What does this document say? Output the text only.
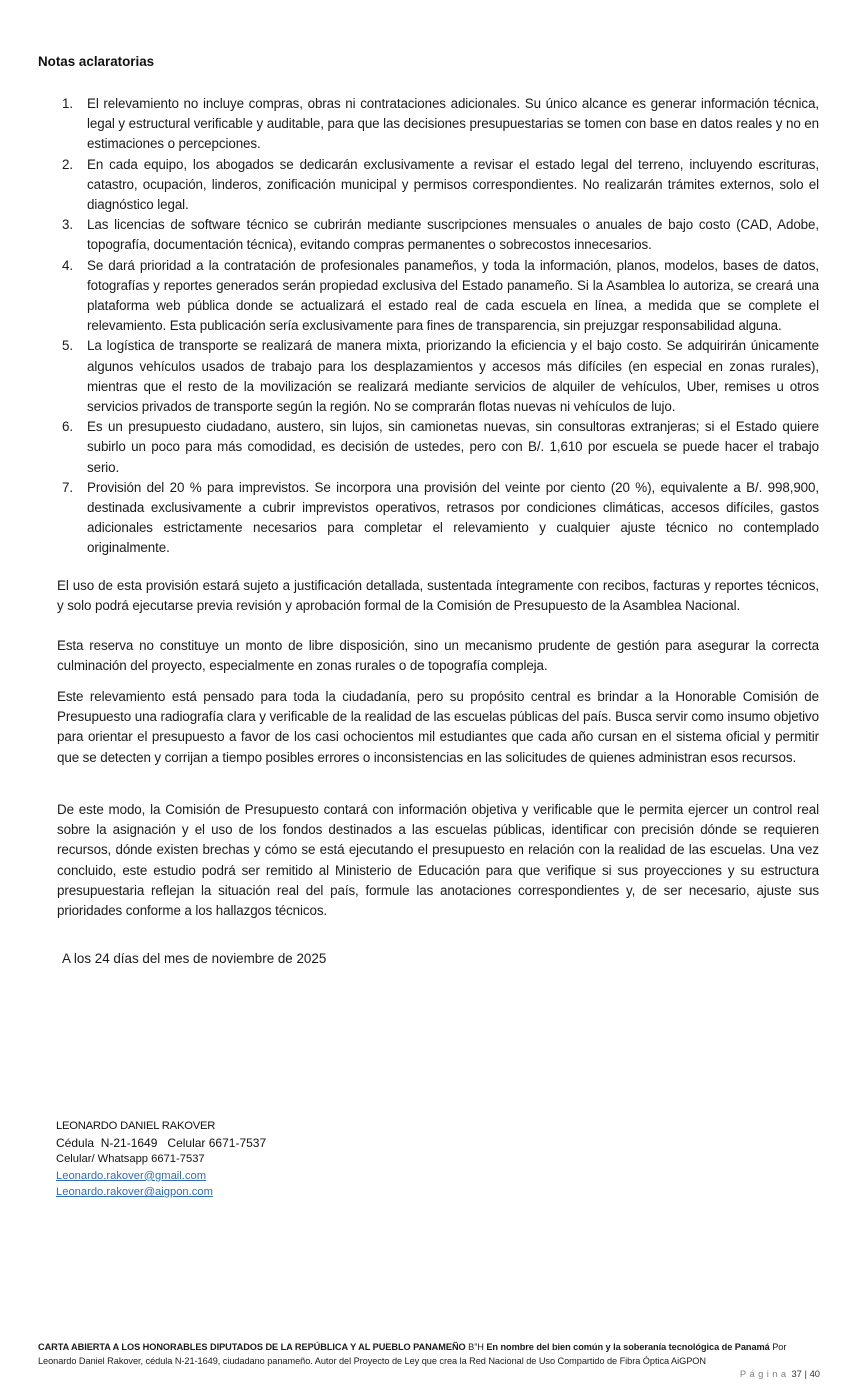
Notas aclaratorias
1. El relevamiento no incluye compras, obras ni contrataciones adicionales. Su único alcance es generar información técnica, legal y estructural verificable y auditable, para que las decisiones presupuestarias se tomen con base en datos reales y no en estimaciones o percepciones.
2. En cada equipo, los abogados se dedicarán exclusivamente a revisar el estado legal del terreno, incluyendo escrituras, catastro, ocupación, linderos, zonificación municipal y permisos correspondientes. No realizarán trámites externos, solo el diagnóstico legal.
3. Las licencias de software técnico se cubrirán mediante suscripciones mensuales o anuales de bajo costo (CAD, Adobe, topografía, documentación técnica), evitando compras permanentes o sobrecostos innecesarios.
4. Se dará prioridad a la contratación de profesionales panameños, y toda la información, planos, modelos, bases de datos, fotografías y reportes generados serán propiedad exclusiva del Estado panameño. Si la Asamblea lo autoriza, se creará una plataforma web pública donde se actualizará el estado real de cada escuela en línea, a medida que se complete el relevamiento. Esta publicación sería exclusivamente para fines de transparencia, sin prejuzgar responsabilidad alguna.
5. La logística de transporte se realizará de manera mixta, priorizando la eficiencia y el bajo costo. Se adquirirán únicamente algunos vehículos usados de trabajo para los desplazamientos y accesos más difíciles (en especial en zonas rurales), mientras que el resto de la movilización se realizará mediante servicios de alquiler de vehículos, Uber, remises u otros servicios privados de transporte según la región. No se comprarán flotas nuevas ni vehículos de lujo.
6. Es un presupuesto ciudadano, austero, sin lujos, sin camionetas nuevas, sin consultoras extranjeras; si el Estado quiere subirlo un poco para más comodidad, es decisión de ustedes, pero con B/. 1,610 por escuela se puede hacer el trabajo serio.
7. Provisión del 20 % para imprevistos. Se incorpora una provisión del veinte por ciento (20 %), equivalente a B/. 998,900, destinada exclusivamente a cubrir imprevistos operativos, retrasos por condiciones climáticas, accesos difíciles, gastos adicionales estrictamente necesarios para completar el relevamiento y cualquier ajuste técnico no contemplado originalmente.

El uso de esta provisión estará sujeto a justificación detallada, sustentada íntegramente con recibos, facturas y reportes técnicos, y solo podrá ejecutarse previa revisión y aprobación formal de la Comisión de Presupuesto de la Asamblea Nacional.

Esta reserva no constituye un monto de libre disposición, sino un mecanismo prudente de gestión para asegurar la correcta culminación del proyecto, especialmente en zonas rurales o de topografía compleja.

Este relevamiento está pensado para toda la ciudadanía, pero su propósito central es brindar a la Honorable Comisión de Presupuesto una radiografía clara y verificable de la realidad de las escuelas públicas del país. Busca servir como insumo objetivo para orientar el presupuesto a favor de los casi ochocientos mil estudiantes que cada año cursan en el sistema oficial y permitir que se detecten y corrijan a tiempo posibles errores o inconsistencias en las solicitudes de quienes administran esos recursos.

De este modo, la Comisión de Presupuesto contará con información objetiva y verificable que le permita ejercer un control real sobre la asignación y el uso de los fondos destinados a las escuelas públicas, identificar con precisión dónde se requieren recursos, dónde existen brechas y cómo se está ejecutando el presupuesto en relación con la realidad de las escuelas. Una vez concluido, este estudio podrá ser remitido al Ministerio de Educación para que verifique si sus proyecciones y su estructura presupuestaria reflejan la situación real del país, formule las anotaciones correspondientes y, de ser necesario, ajuste sus prioridades conforme a los hallazgos técnicos.

A los 24 días del mes de noviembre de 2025
LEONARDO DANIEL RAKOVER
Cédula  N-21-1649   Celular 6671-7537
Celular/ Whatsapp 6671-7537
Leonardo.rakover@gmail.com
Leonardo.rakover@aigpon.com
CARTA ABIERTA A LOS HONORABLES DIPUTADOS DE LA REPÚBLICA Y AL PUEBLO PANAMEÑO B”H En nombre del bien común y la soberanía tecnológica de Panamá Por Leonardo Daniel Rakover, cédula N-21-1649, ciudadano panameño. Autor del Proyecto de Ley que crea la Red Nacional de Uso Compartido de Fibra Óptica AiGPON
Página 37 | 40
